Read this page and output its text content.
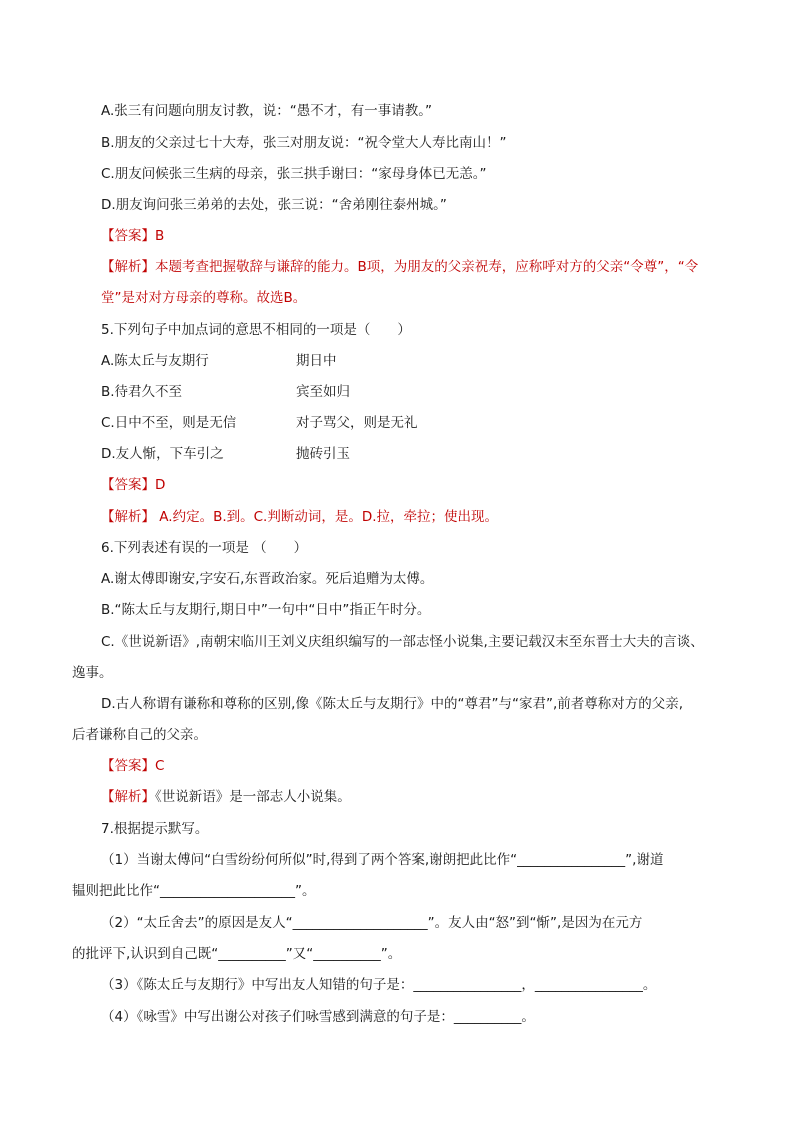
A.张三有问题向朋友讨教，说：“愚不才，有一事请教。”

B.朋友的父亲过七十大寿，张三对朋友说：“祝令堂大人寿比南山！”

C.朋友问候张三生病的母亲，张三拱手谢曰：“家母身体已无恙。”

D.朋友询问张三弟弟的去处，张三说：“舍弟刚往泰州城。”

【答案】B

【解析】本题考查把握敬辞与谦辞的能力。B项，为朋友的父亲祝寿，应称呼对方的父亲“令尊”，“令

堂”是对对方母亲的尊称。故选B。

5.下列句子中加点词的意思不相同的一项是（　　）

A.陈太丘与友期行	期日中
B.待君久不至	宾至如归
C.日中不至，则是无信	对子骂父，则是无礼
D.友人惭，下车引之	抛砖引玉

【答案】D

【解析】 A.约定。B.到。C.判断动词，是。D.拉，牵拉；使出现。

6.下列表述有误的一项是 （　　）

A.谢太傅即谢安,字安石,东晋政治家。死后追赠为太傅。

B.“陈太丘与友期行,期日中”一句中“日中”指正午时分。

C.《世说新语》,南朝宋临川王刘义庆组织编写的一部志怪小说集,主要记载汉末至东晋士大夫的言谈、

逸事。

D.古人称谓有谦称和尊称的区别,像《陈太丘与友期行》中的“尊君”与“家君”,前者尊称对方的父亲,

后者谦称自己的父亲。

【答案】C

【解析】《世说新语》是一部志人小说集。

7.根据提示默写。

（1）当谢太傅问“白雪纷纷何所似”时,得到了两个答案,谢朗把此比作“________________”,谢道

韫则把此比作“____________________”。

（2）“太丘舍去”的原因是友人“____________________”。友人由“怒”到“惭”,是因为在元方

的批评下,认识到自己既“__________”又“__________”。

（3）《陈太丘与友期行》中写出友人知错的句子是：________________，________________。

（4）《咏雪》中写出谢公对孩子们咏雪感到满意的句子是：__________。
